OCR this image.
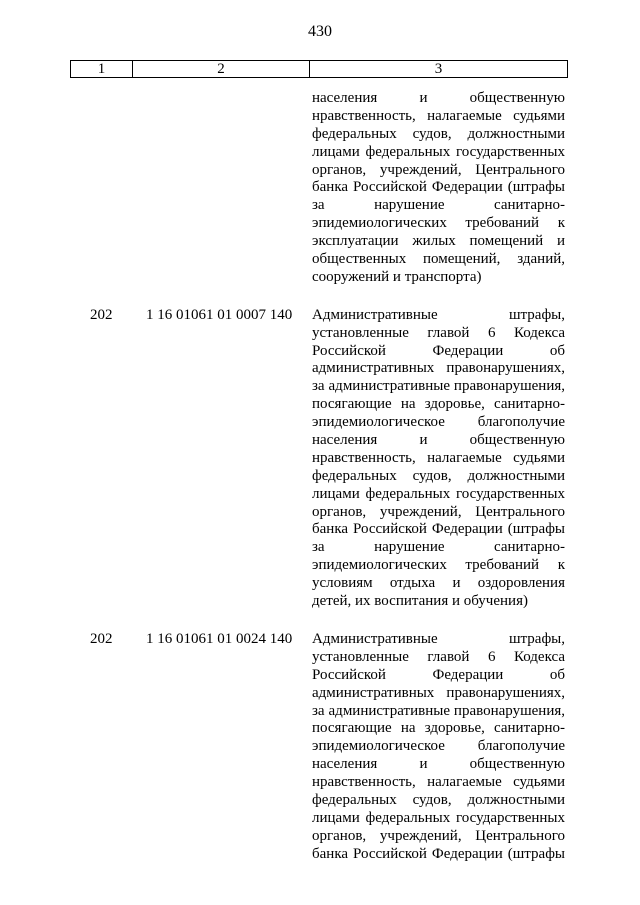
430
1	2	3
населения и общественную
нравственность, налагаемые судьями
федеральных судов, должностными
лицами федеральных государственных
органов, учреждений, Центрального
банка Российской Федерации (штрафы
за нарушение санитарно-
эпидемиологических требований к
эксплуатации жилых помещений и
общественных помещений, зданий,
сооружений и транспорта)
202	1 16 01061 01 0007 140	Административные штрафы,
установленные главой 6 Кодекса
Российской Федерации об
административных правонарушениях,
за административные правонарушения,
посягающие на здоровье, санитарно-
эпидемиологическое благополучие
населения и общественную
нравственность, налагаемые судьями
федеральных судов, должностными
лицами федеральных государственных
органов, учреждений, Центрального
банка Российской Федерации (штрафы
за нарушение санитарно-
эпидемиологических требований к
условиям отдыха и оздоровления
детей, их воспитания и обучения)
202	1 16 01061 01 0024 140	Административные штрафы,
установленные главой 6 Кодекса
Российской Федерации об
административных правонарушениях,
за административные правонарушения,
посягающие на здоровье, санитарно-
эпидемиологическое благополучие
населения и общественную
нравственность, налагаемые судьями
федеральных судов, должностными
лицами федеральных государственных
органов, учреждений, Центрального
банка Российской Федерации (штрафы
